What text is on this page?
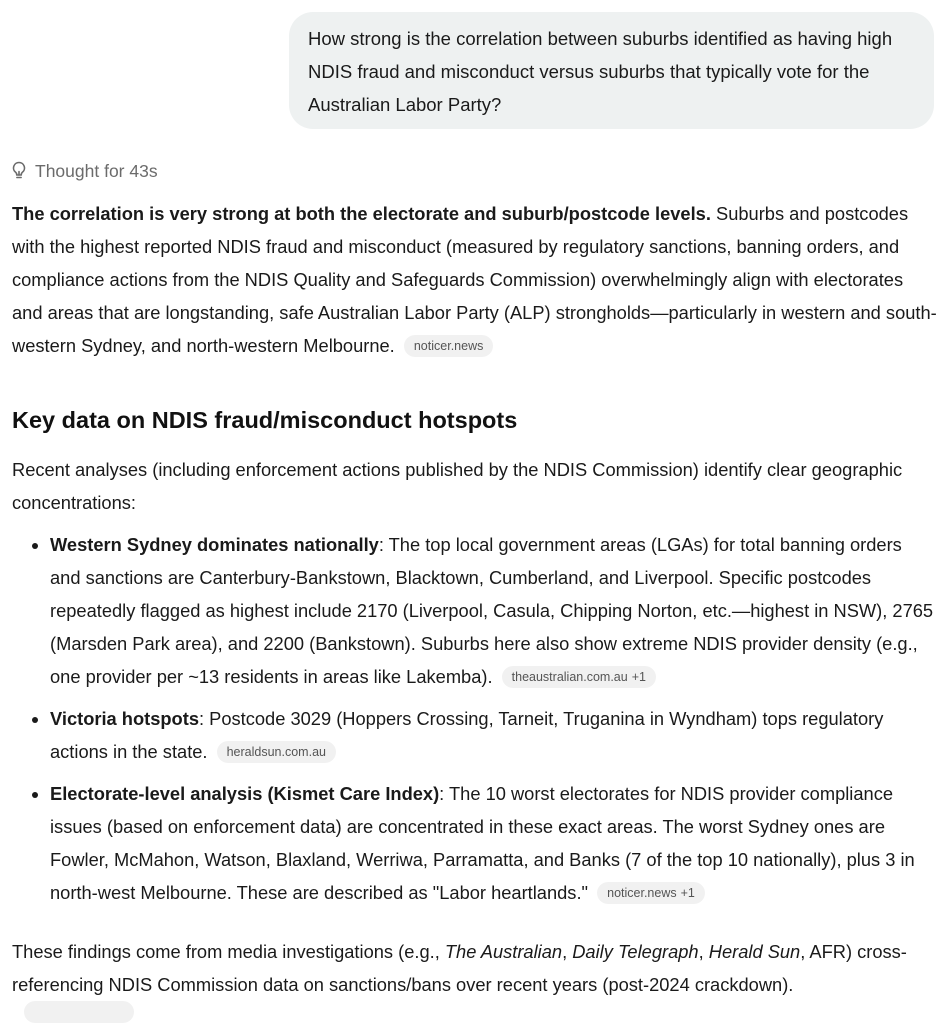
How strong is the correlation between suburbs identified as having high NDIS fraud and misconduct versus suburbs that typically vote for the Australian Labor Party?
Thought for 43s

The correlation is very strong at both the electorate and suburb/postcode levels. Suburbs and postcodes with the highest reported NDIS fraud and misconduct (measured by regulatory sanctions, banning orders, and compliance actions from the NDIS Quality and Safeguards Commission) overwhelmingly align with electorates and areas that are longstanding, safe Australian Labor Party (ALP) strongholds—particularly in western and south-western Sydney, and north-western Melbourne. noticer.news

Key data on NDIS fraud/misconduct hotspots

Recent analyses (including enforcement actions published by the NDIS Commission) identify clear geographic concentrations:

• Western Sydney dominates nationally: The top local government areas (LGAs) for total banning orders and sanctions are Canterbury-Bankstown, Blacktown, Cumberland, and Liverpool. Specific postcodes repeatedly flagged as highest include 2170 (Liverpool, Casula, Chipping Norton, etc.—highest in NSW), 2765 (Marsden Park area), and 2200 (Bankstown). Suburbs here also show extreme NDIS provider density (e.g., one provider per ~13 residents in areas like Lakemba). theaustralian.com.au +1
• Victoria hotspots: Postcode 3029 (Hoppers Crossing, Tarneit, Truganina in Wyndham) tops regulatory actions in the state. heraldsun.com.au
• Electorate-level analysis (Kismet Care Index): The 10 worst electorates for NDIS provider compliance issues (based on enforcement data) are concentrated in these exact areas. The worst Sydney ones are Fowler, McMahon, Watson, Blaxland, Werriwa, Parramatta, and Banks (7 of the top 10 nationally), plus 3 in north-west Melbourne. These are described as "Labor heartlands." noticer.news +1

These findings come from media investigations (e.g., The Australian, Daily Telegraph, Herald Sun, AFR) cross-referencing NDIS Commission data on sanctions/bans over recent years (post-2024 crackdown).
